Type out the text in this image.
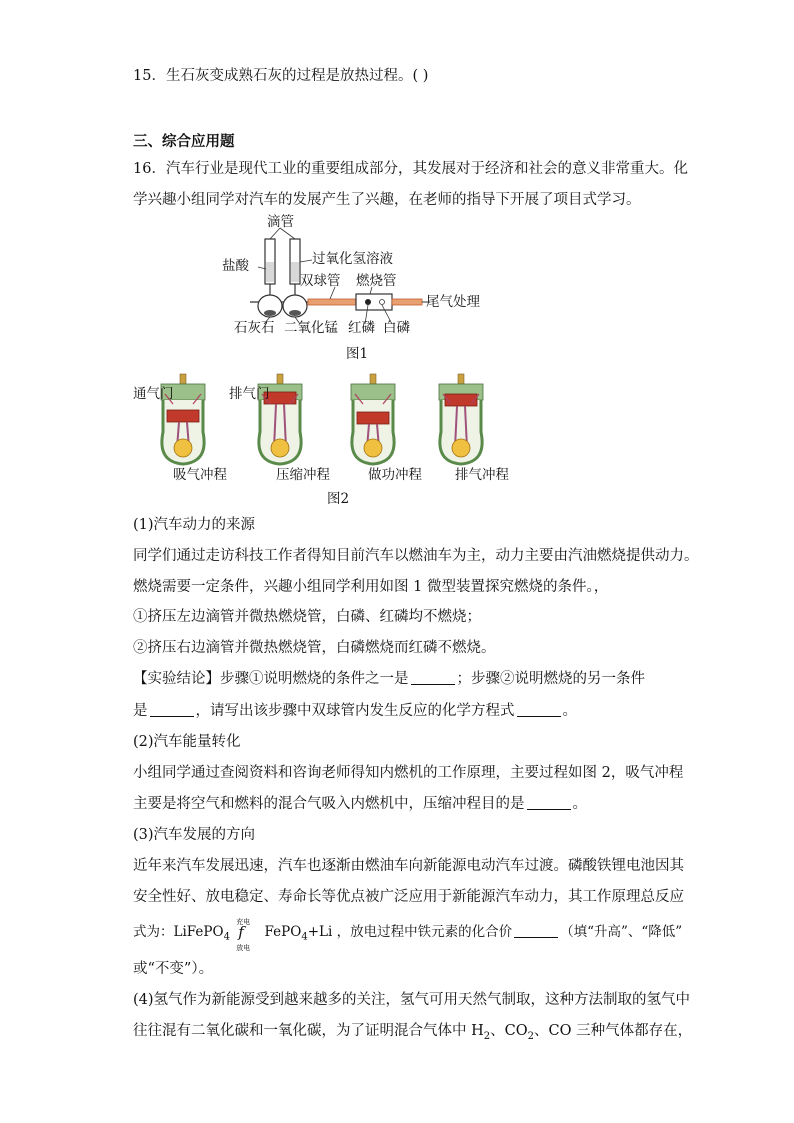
15．生石灰变成熟石灰的过程是放热过程。( )
三、综合应用题
16．汽车行业是现代工业的重要组成部分，其发展对于经济和社会的意义非常重大。化
学兴趣小组同学对汽车的发展产生了兴趣，在老师的指导下开展了项目式学习。
滴管
盐酸	过氧化氢溶液
双球管 燃烧管
尾气处理
石灰石 二氧化锰 红磷 白磷
图1
通气门	排气门
吸气冲程	压缩冲程	做功冲程 排气冲程
图2
(1)汽车动力的来源
同学们通过走访科技工作者得知目前汽车以燃油车为主，动力主要由汽油燃烧提供动力。
燃烧需要一定条件，兴趣小组同学利用如图 1 微型装置探究燃烧的条件。，
①挤压左边滴管并微热燃烧管，白磷、红磷均不燃烧；
②挤压右边滴管并微热燃烧管，白磷燃烧而红磷不燃烧。
【实验结论】步骤①说明燃烧的条件之一是	；步骤②说明燃烧的另一条件
是	，请写出该步骤中双球管内发生反应的化学方程式	。
(2)汽车能量转化
小组同学通过查阅资料和咨询老师得知内燃机的工作原理，主要过程如图 2，吸气冲程
主要是将空气和燃料的混合气吸入内燃机中，压缩冲程目的是	。
(3)汽车发展的方向
近年来汽车发展迅速，汽车也逐渐由燃油车向新能源电动汽车过渡。磷酸铁锂电池因其
安全性好、放电稳定、寿命长等优点被广泛应用于新能源汽车动力，其工作原理总反应
式为：LiFePO$_4$
充电
f
放电
FePO$_4$+Li ，放电过程中铁元素的化合价	（填“升高”、“降低”
或“不变”）。
(4)氢气作为新能源受到越来越多的关注，氢气可用天然气制取，这种方法制取的氢气中
往往混有二氧化碳和一氧化碳，为了证明混合气体中 $H_2$、$CO_2$、CO 三种气体都存在，
